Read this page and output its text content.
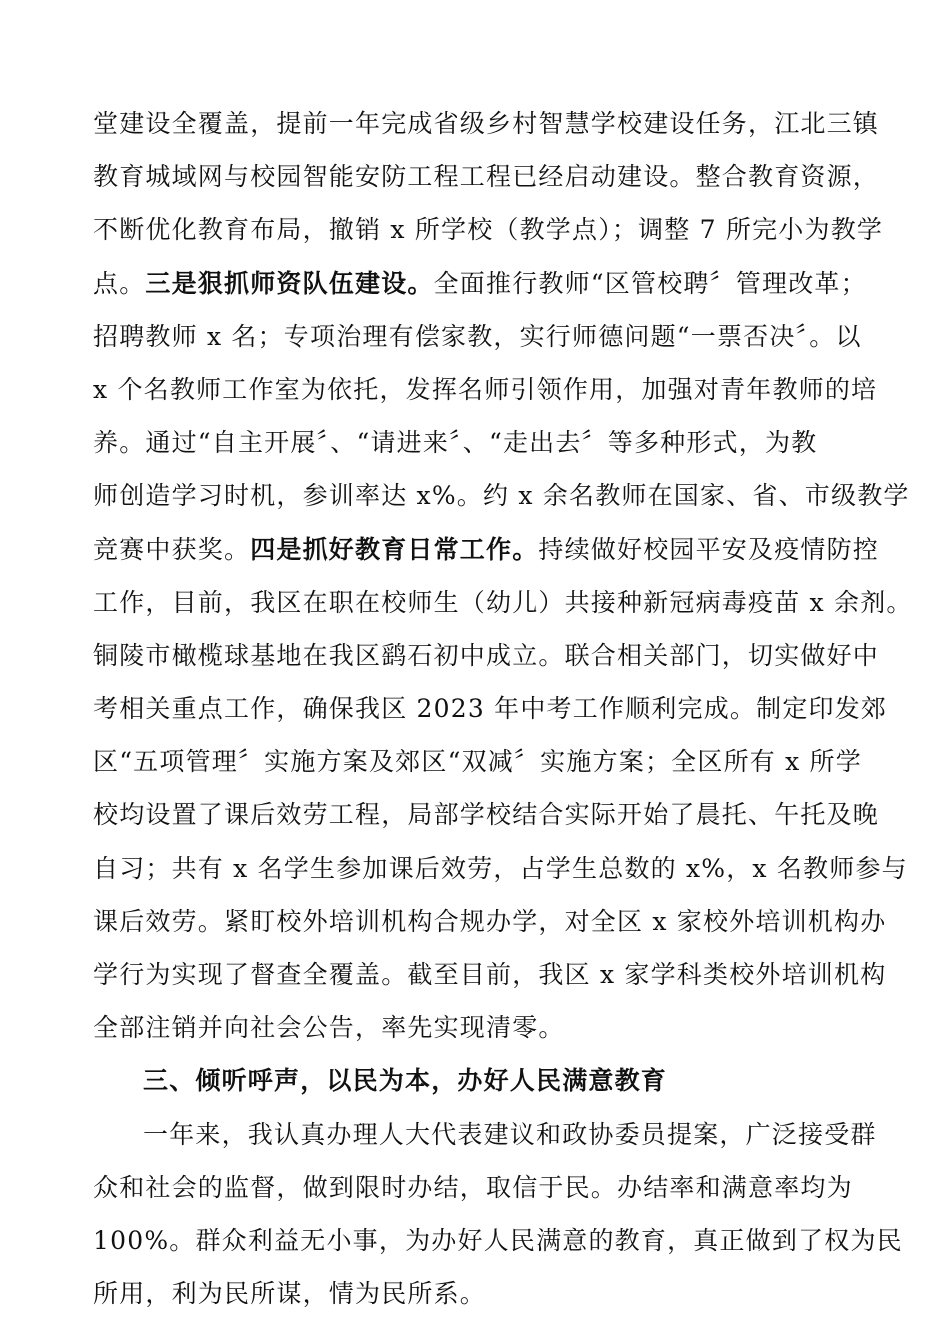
堂建设全覆盖，提前一年完成省级乡村智慧学校建设任务，江北三镇
教育城域网与校园智能安防工程工程已经启动建设。整合教育资源，
不断优化教育布局，撤销 x 所学校（教学点）；调整 7 所完小为教学
点。三是狠抓师资队伍建设。全面推行教师“区管校聘〞管理改革；
招聘教师 x 名；专项治理有偿家教，实行师德问题“一票否决〞。以
x 个名教师工作室为依托，发挥名师引领作用，加强对青年教师的培
养。通过“自主开展〞、“请进来〞、“走出去〞等多种形式，为教
师创造学习时机，参训率达 x%。约 x 余名教师在国家、省、市级教学
竞赛中获奖。四是抓好教育日常工作。持续做好校园平安及疫情防控
工作，目前，我区在职在校师生（幼儿）共接种新冠病毒疫苗 x 余剂。
铜陵市橄榄球基地在我区鹞石初中成立。联合相关部门，切实做好中
考相关重点工作，确保我区 2023 年中考工作顺利完成。制定印发郊
区“五项管理〞实施方案及郊区“双减〞实施方案；全区所有 x 所学
校均设置了课后效劳工程，局部学校结合实际开始了晨托、午托及晚
自习；共有 x 名学生参加课后效劳，占学生总数的 x%，x 名教师参与
课后效劳。紧盯校外培训机构合规办学，对全区 x 家校外培训机构办
学行为实现了督查全覆盖。截至目前，我区 x 家学科类校外培训机构
全部注销并向社会公告，率先实现清零。
三、倾听呼声，以民为本，办好人民满意教育
一年来，我认真办理人大代表建议和政协委员提案，广泛接受群
众和社会的监督，做到限时办结，取信于民。办结率和满意率均为
100%。群众利益无小事，为办好人民满意的教育，真正做到了权为民
所用，利为民所谋，情为民所系。
